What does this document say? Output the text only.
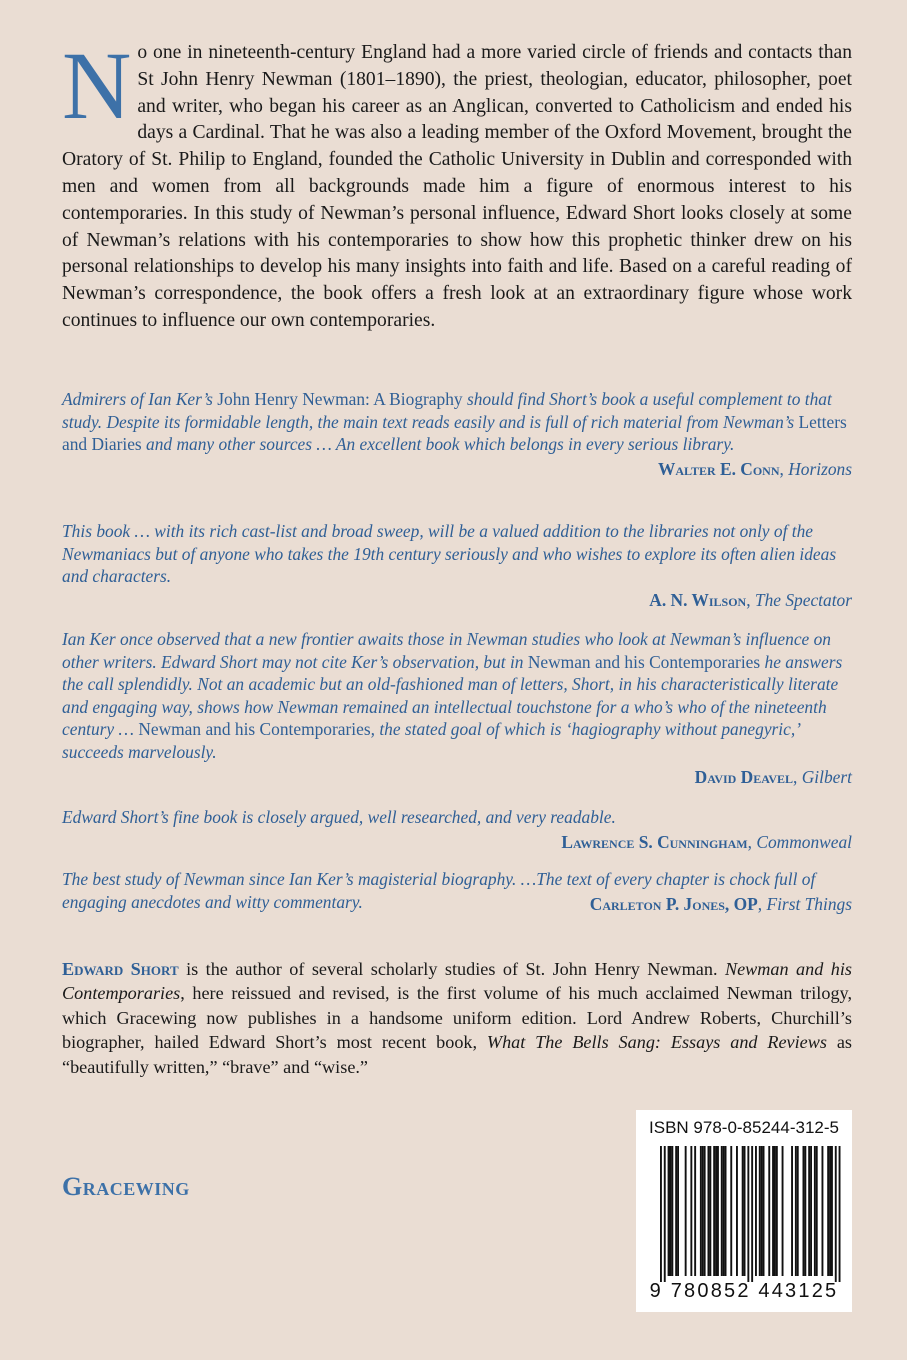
No one in nineteenth-century England had a more varied circle of friends and contacts than St John Henry Newman (1801–1890), the priest, theologian, educator, philosopher, poet and writer, who began his career as an Anglican, converted to Catholicism and ended his days a Cardinal. That he was also a leading member of the Oxford Movement, brought the Oratory of St. Philip to England, founded the Catholic University in Dublin and corresponded with men and women from all backgrounds made him a figure of enormous interest to his contemporaries. In this study of Newman’s personal influence, Edward Short looks closely at some of Newman’s relations with his contemporaries to show how this prophetic thinker drew on his personal relationships to develop his many insights into faith and life. Based on a careful reading of Newman’s correspondence, the book offers a fresh look at an extraordinary figure whose work continues to influence our own contemporaries.

Admirers of Ian Ker’s John Henry Newman: A Biography should find Short’s book a useful complement to that study. Despite its formidable length, the main text reads easily and is full of rich material from Newman’s Letters and Diaries and many other sources … An excellent book which belongs in every serious library.

Walter E. Conn, Horizons

This book … with its rich cast-list and broad sweep, will be a valued addition to the libraries not only of the Newmaniacs but of anyone who takes the 19th century seriously and who wishes to explore its often alien ideas and characters.

A. N. Wilson, The Spectator

Ian Ker once observed that a new frontier awaits those in Newman studies who look at Newman’s influence on other writers. Edward Short may not cite Ker’s observation, but in Newman and his Contemporaries he answers the call splendidly. Not an academic but an old-fashioned man of letters, Short, in his characteristically literate and engaging way, shows how Newman remained an intellectual touchstone for a who’s who of the nineteenth century … Newman and his Contemporaries, the stated goal of which is ‘hagiography without panegyric,’ succeeds marvelously.

David Deavel, Gilbert

Edward Short’s fine book is closely argued, well researched, and very readable.

Lawrence S. Cunningham, Commonweal

The best study of Newman since Ian Ker’s magisterial biography. …The text of every chapter is chock full of engaging anecdotes and witty commentary.	Carleton P. Jones, OP, First Things

Edward Short is the author of several scholarly studies of St. John Henry Newman. Newman and his Contemporaries, here reissued and revised, is the first volume of his much acclaimed Newman trilogy, which Gracewing now publishes in a handsome uniform edition. Lord Andrew Roberts, Churchill’s biographer, hailed Edward Short’s most recent book, What The Bells Sang: Essays and Reviews as “beautifully written,” “brave” and “wise.”

Gracewing
ISBN 978-0-85244-312-5
9 780852 443125
